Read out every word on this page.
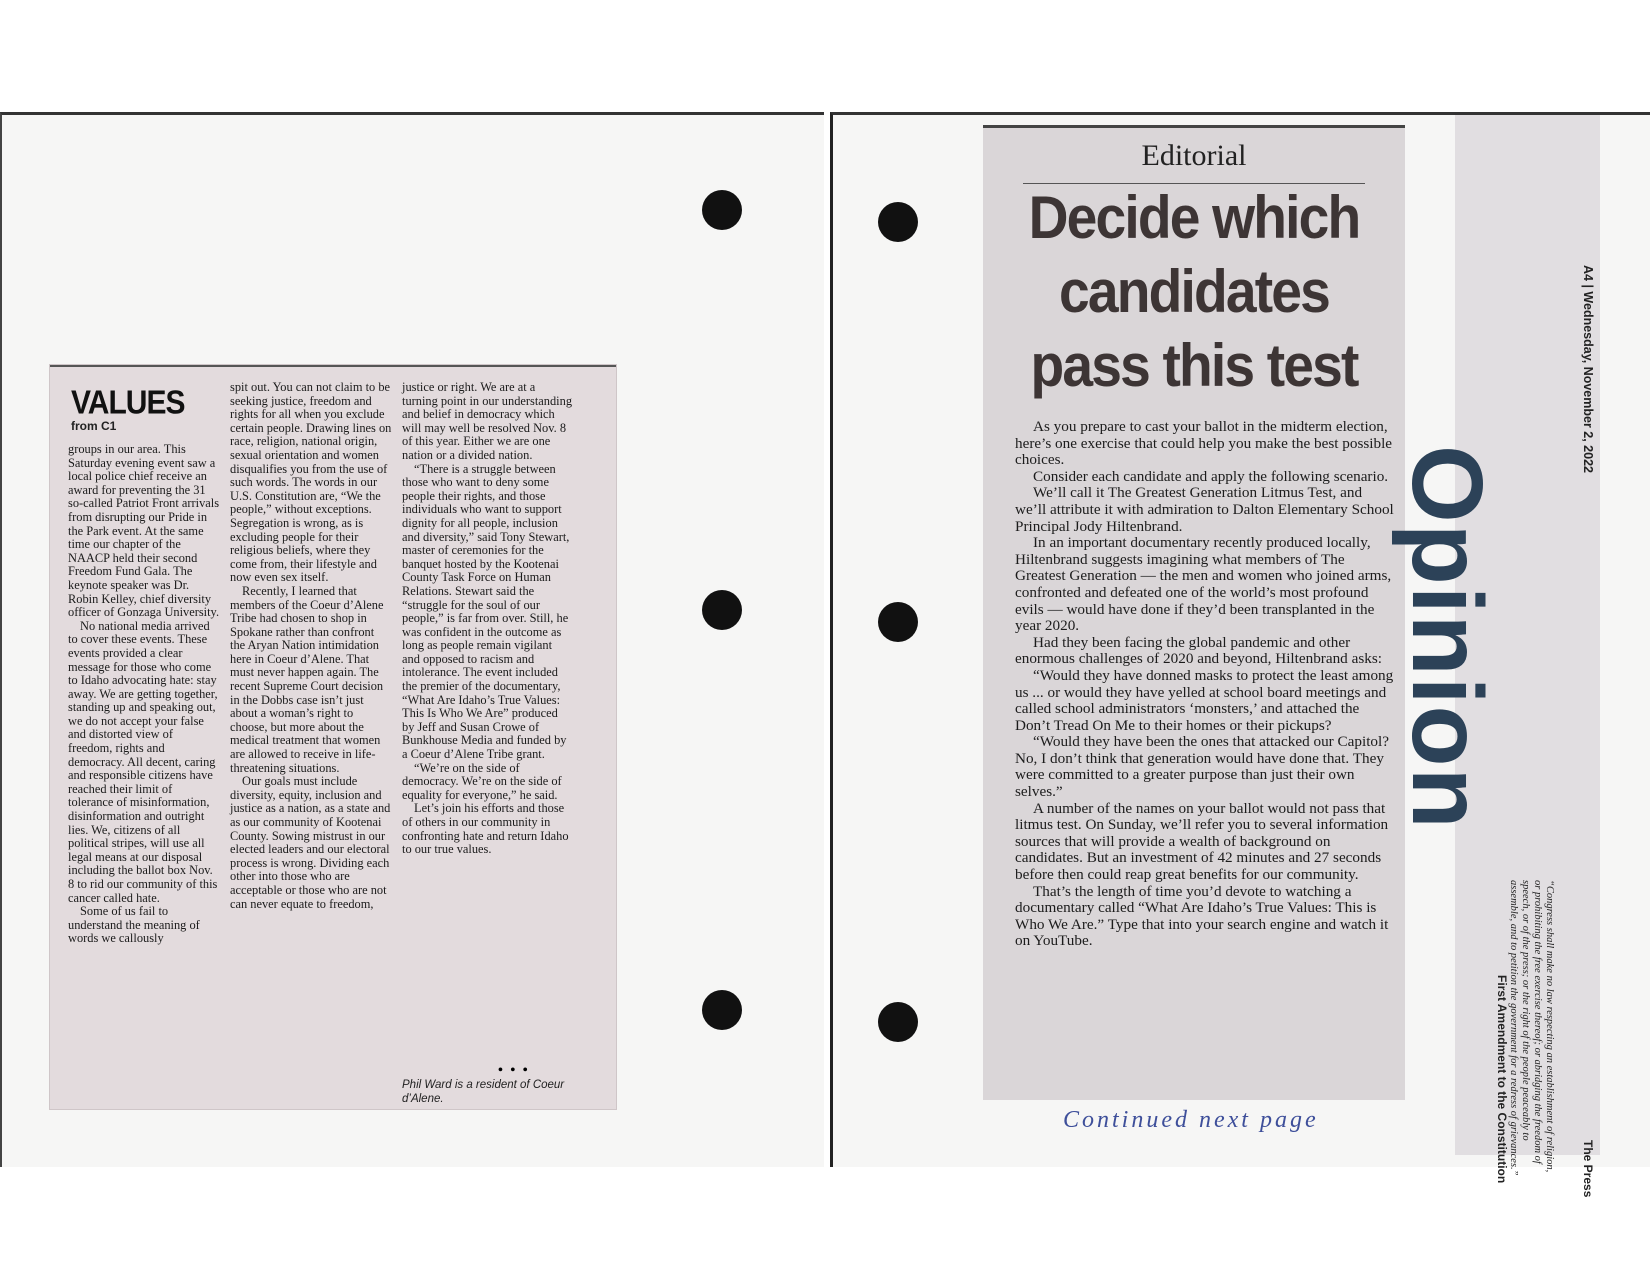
VALUES
from C1

groups in our area. This Saturday evening event saw a local police chief receive an award for preventing the 31 so-called Patriot Front arrivals from disrupting our Pride in the Park event. At the same time our chapter of the NAACP held their second Freedom Fund Gala. The keynote speaker was Dr. Robin Kelley, chief diversity officer of Gonzaga University.

No national media arrived to cover these events. These events provided a clear message for those who come to Idaho advocating hate: stay away. We are getting together, standing up and speaking out, we do not accept your false and distorted view of freedom, rights and democracy. All decent, caring and responsible citizens have reached their limit of tolerance of misinformation, disinformation and outright lies. We, citizens of all political stripes, will use all legal means at our disposal including the ballot box Nov. 8 to rid our community of this cancer called hate.

Some of us fail to understand the meaning of words we callously

spit out. You can not claim to be seeking justice, freedom and rights for all when you exclude certain people. Drawing lines on race, religion, national origin, sexual orientation and women disqualifies you from the use of such words. The words in our U.S. Constitution are, “We the people,” without exceptions. Segregation is wrong, as is excluding people for their religious beliefs, where they come from, their lifestyle and now even sex itself.

Recently, I learned that members of the Coeur d’Alene Tribe had chosen to shop in Spokane rather than confront the Aryan Nation intimidation here in Coeur d’Alene. That must never happen again. The recent Supreme Court decision in the Dobbs case isn’t just about a woman’s right to choose, but more about the medical treatment that women are allowed to receive in life-threatening situations.

Our goals must include diversity, equity, inclusion and justice as a nation, as a state and as our community of Kootenai County. Sowing mistrust in our elected leaders and our electoral process is wrong. Dividing each other into those who are acceptable or those who are not can never equate to freedom,

justice or right. We are at a turning point in our understanding and belief in democracy which will may well be resolved Nov. 8 of this year. Either we are one nation or a divided nation.

“There is a struggle between those who want to deny some people their rights, and those individuals who want to support dignity for all people, inclusion and diversity,” said Tony Stewart, master of ceremonies for the banquet hosted by the Kootenai County Task Force on Human Relations. Stewart said the “struggle for the soul of our people,” is far from over. Still, he was confident in the outcome as long as people remain vigilant and opposed to racism and intolerance. The event included the premier of the documentary, “What Are Idaho’s True Values: This Is Who We Are” produced by Jeff and Susan Crowe of Bunkhouse Media and funded by a Coeur d’Alene Tribe grant.

“We’re on the side of democracy. We’re on the side of equality for everyone,” he said.

Let’s join his efforts and those of others in our community in confronting hate and return Idaho to our true values.

• • •
Phil Ward is a resident of Coeur d’Alene.
Editorial
Decide which
candidates
pass this test

As you prepare to cast your ballot in the midterm election, here’s one exercise that could help you make the best possible choices.

Consider each candidate and apply the following scenario.

We’ll call it The Greatest Generation Litmus Test, and we’ll attribute it with admiration to Dalton Elementary School Principal Jody Hiltenbrand.

In an important documentary recently produced locally, Hiltenbrand suggests imagining what members of The Greatest Generation — the men and women who joined arms, confronted and defeated one of the world’s most profound evils — would have done if they’d been transplanted in the year 2020.

Had they been facing the global pandemic and other enormous challenges of 2020 and beyond, Hiltenbrand asks:

“Would they have donned masks to protect the least among us ... or would they have yelled at school board meetings and called school administrators ‘monsters,’ and attached the Don’t Tread On Me to their homes or their pickups?

“Would they have been the ones that attacked our Capitol? No, I don’t think that generation would have done that. They were committed to a greater purpose than just their own selves.”

A number of the names on your ballot would not pass that litmus test. On Sunday, we’ll refer you to several information sources that will provide a wealth of background on candidates. But an investment of 42 minutes and 27 seconds before then could reap great benefits for our community.

That’s the length of time you’d devote to watching a documentary called “What Are Idaho’s True Values: This is Who We Are.” Type that into your search engine and watch it on YouTube.

A4 | Wednesday, November 2, 2022
Opinion
“Congress shall make no law respecting an establishment of religion, or prohibiting the free exercise thereof; or abridging the freedom of speech, or of the press; or the right of the people peaceably to assemble, and to petition the government for a redress of grievances.”
First Amendment to the Constitution	The Press
Continued next page
